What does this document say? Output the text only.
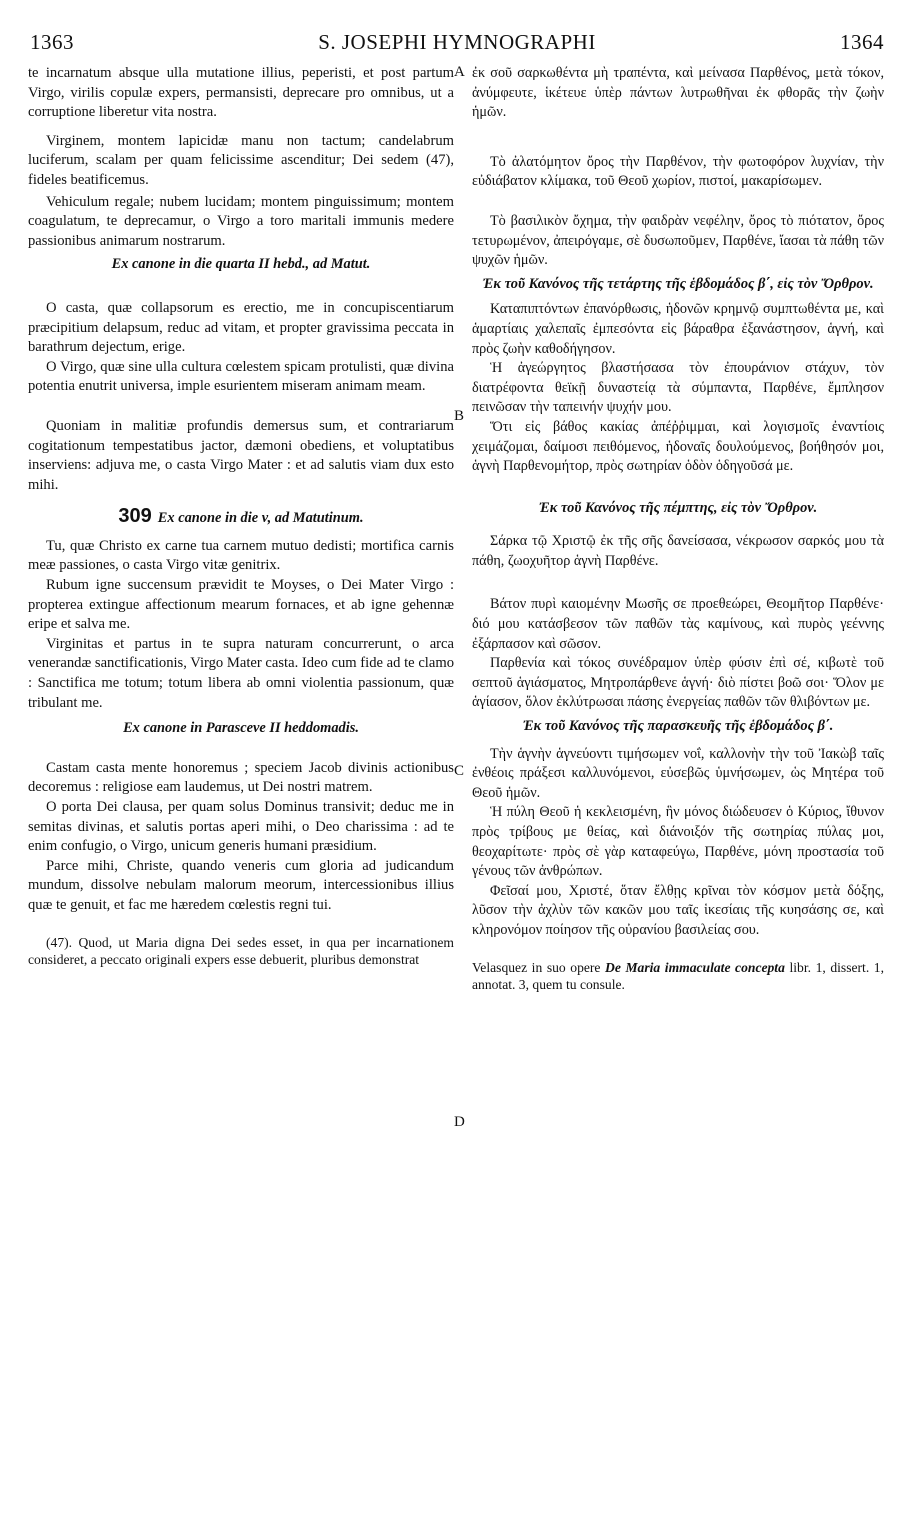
1363	S. JOSEPHI HYMNOGRAPHI	1364
A
B
C
D

te incarnatum absque ulla mutatione illius, peperisti, et post partum Virgo, virilis copulæ expers, permansisti, deprecare pro omnibus, ut a corruptione liberetur vita nostra.

Virginem, montem lapicidæ manu non tactum; candelabrum luciferum, scalam per quam felicissime ascenditur; Dei sedem (47), fideles beatificemus.

Vehiculum regale; nubem lucidam; montem pinguissimum; montem coagulatum, te deprecamur, o Virgo a toro maritali immunis medere passionibus animarum nostrarum.

Ex canone in die quarta II hebd., ad Matut.

O casta, quæ collapsorum es erectio, me in concupiscentiarum præcipitium delapsum, reduc ad vitam, et propter gravissima peccata in barathrum dejectum, erige.

O Virgo, quæ sine ulla cultura cœlestem spicam protulisti, quæ divina potentia enutrit universa, imple esurientem miseram animam meam.

Quoniam in malitiæ profundis demersus sum, et contrariarum cogitationum tempestatibus jactor, dæmoni obediens, et voluptatibus inserviens: adjuva me, o casta Virgo Mater : et ad salutis viam dux esto mihi.

309 Ex canone in die v, ad Matutinum.

Tu, quæ Christo ex carne tua carnem mutuo dedisti; mortifica carnis meæ passiones, o casta Virgo vitæ genitrix.

Rubum igne succensum prævidit te Moyses, o Dei Mater Virgo : propterea extingue affectionum mearum fornaces, et ab igne gehennæ eripe et salva me.

Virginitas et partus in te supra naturam concurrerunt, o arca venerandæ sanctificationis, Virgo Mater casta. Ideo cum fide ad te clamo : Sanctifica me totum; totum libera ab omni violentia passionum, quæ tribulant me.

Ex canone in Parasceve II heddomadis.

Castam casta mente honoremus ; speciem Jacob divinis actionibus decoremus : religiose eam laudemus, ut Dei nostri matrem.

O porta Dei clausa, per quam solus Dominus transivit; deduc me in semitas divinas, et salutis portas aperi mihi, o Deo charissima : ad te enim confugio, o Virgo, unicum generis humani præsidium.

Parce mihi, Christe, quando veneris cum gloria ad judicandum mundum, dissolve nebulam malorum meorum, intercessionibus illius quæ te genuit, et fac me hæredem cœlestis regni tui.

(47). Quod, ut Maria digna Dei sedes esset, in qua per incarnationem consideret, a peccato originali expers esse debuerit, pluribus demonstrat

ἐκ σοῦ σαρκωθέντα μὴ τραπέντα, καὶ μείνασα Παρθένος, μετὰ τόκον, ἀνύμφευτε, ἱκέτευε ὑπὲρ πάντων λυτρωθῆναι ἐκ φθορᾶς τὴν ζωὴν ἡμῶν.

Τὸ ἀλατόμητον ὄρος τὴν Παρθένον, τὴν φωτοφόρον λυχνίαν, τὴν εὐδιάβατον κλίμακα, τοῦ Θεοῦ χωρίον, πιστοί, μακαρίσωμεν.

Τὸ βασιλικὸν ὄχημα, τὴν φαιδρὰν νεφέλην, ὄρος τὸ πιότατον, ὄρος τετυρωμένον, ἀπειρόγαμε, σὲ δυσωποῦμεν, Παρθένε, ἴασαι τὰ πάθη τῶν ψυχῶν ἡμῶν.

Ἐκ τοῦ Κανόνος τῆς τετάρτης τῆς ἑβδομάδος β΄, εἰς τὸν Ὄρθρον.

Καταπιπτόντων ἐπανόρθωσις, ἡδονῶν κρημνῷ συμπτωθέντα με, καὶ ἁμαρτίαις χαλεπαῖς ἐμπεσόντα εἰς βάραθρα ἐξανάστησον, ἁγνή, καὶ πρὸς ζωὴν καθοδήγησον.

Ἡ ἀγεώργητος βλαστήσασα τὸν ἐπουράνιον στάχυν, τὸν διατρέφοντα θεϊκῇ δυναστείᾳ τὰ σύμπαντα, Παρθένε, ἔμπλησον πεινῶσαν τὴν ταπεινήν ψυχήν μου.

Ὅτι εἰς βάθος κακίας ἀπέῤῥιμμαι, καὶ λογισμοῖς ἐναντίοις χειμάζομαι, δαίμοσι πειθόμενος, ἡδοναῖς δουλούμενος, βοήθησόν μοι, ἁγνὴ Παρθενομήτορ, πρὸς σωτηρίαν ὁδὸν ὁδηγοῦσά με.

Ἐκ τοῦ Κανόνος τῆς πέμπτης, εἰς τὸν Ὄρθρον.

Σάρκα τῷ Χριστῷ ἐκ τῆς σῆς δανείσασα, νέκρωσον σαρκός μου τὰ πάθη, ζωοχυῆτορ ἁγνὴ Παρθένε.

Βάτον πυρὶ καιομένην Μωσῆς σε προεθεώρει, Θεομῆτορ Παρθένε· διό μου κατάσβεσον τῶν παθῶν τὰς καμίνους, καὶ πυρὸς γεέννης ἐξάρπασον καὶ σῶσον.

Παρθενία καὶ τόκος συνέδραμον ὑπὲρ φύσιν ἐπὶ σέ, κιβωτὲ τοῦ σεπτοῦ ἁγιάσματος, Μητροπάρθενε ἁγνή· διὸ πίστει βοῶ σοι· Ὅλον με ἁγίασον, ὅλον ἐκλύτρωσαι πάσης ἐνεργείας παθῶν τῶν θλιβόντων με.

Ἐκ τοῦ Κανόνος τῆς παρασκευῆς τῆς ἑβδομάδος β΄.

Τὴν ἁγνὴν ἁγνεύοντι τιμήσωμεν νοΐ, καλλονὴν τὴν τοῦ Ἰακὼβ ταῖς ἐνθέοις πράξεσι καλλυνόμενοι, εὐσεβῶς ὑμνήσωμεν, ὡς Μητέρα τοῦ Θεοῦ ἡμῶν.

Ἡ πύλη Θεοῦ ἡ κεκλεισμένη, ἣν μόνος διώδευσεν ὁ Κύριος, ἴθυνον πρὸς τρίβους με θείας, καὶ διάνοιξόν τῆς σωτηρίας πύλας μοι, θεοχαρίτωτε· πρὸς σὲ γὰρ καταφεύγω, Παρθένε, μόνη προστασία τοῦ γένους τῶν ἀνθρώπων.

Φεῖσαί μου, Χριστέ, ὅταν ἔλθῃς κρῖναι τὸν κόσμον μετὰ δόξης, λῦσον τὴν ἀχλὺν τῶν κακῶν μου ταῖς ἱκεσίαις τῆς κυησάσης σε, καὶ κληρονόμον ποίησον τῆς οὐρανίου βασιλείας σου.

Velasquez in suo opere De Maria immaculate concepta libr. 1, dissert. 1, annotat. 3, quem tu consule.
